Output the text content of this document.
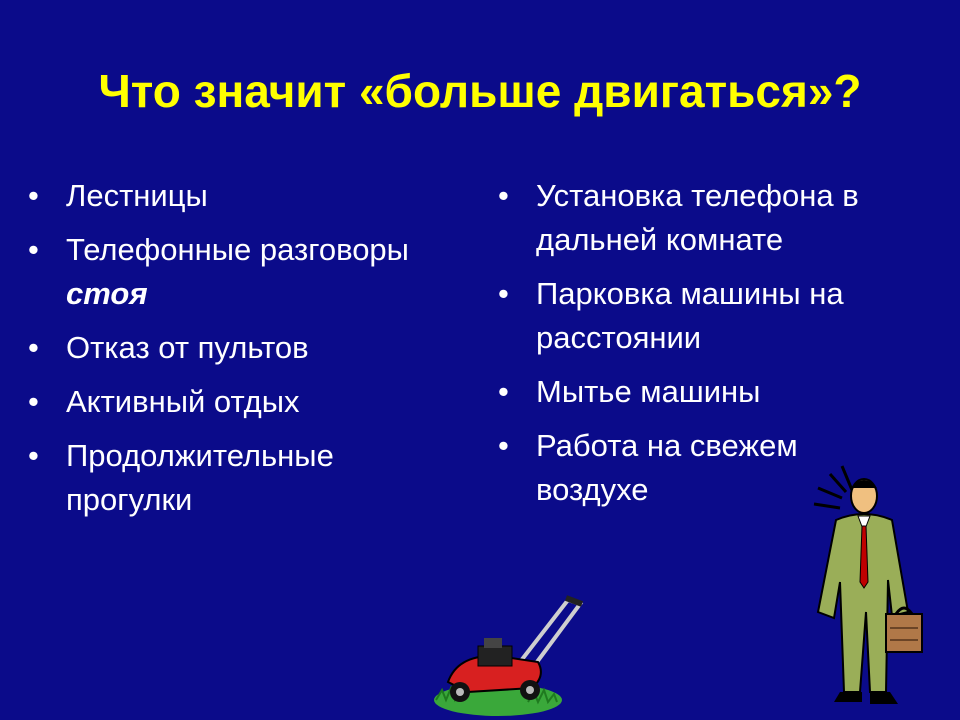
Что значит «больше двигаться»?
• Лестницы
• Телефонные разговоры стоя
• Отказ от пультов
• Активный отдых
• Продолжительные прогулки
• Установка телефона в дальней комнате
• Парковка машины на расстоянии
• Мытье машины
• Работа на свежем воздухе
